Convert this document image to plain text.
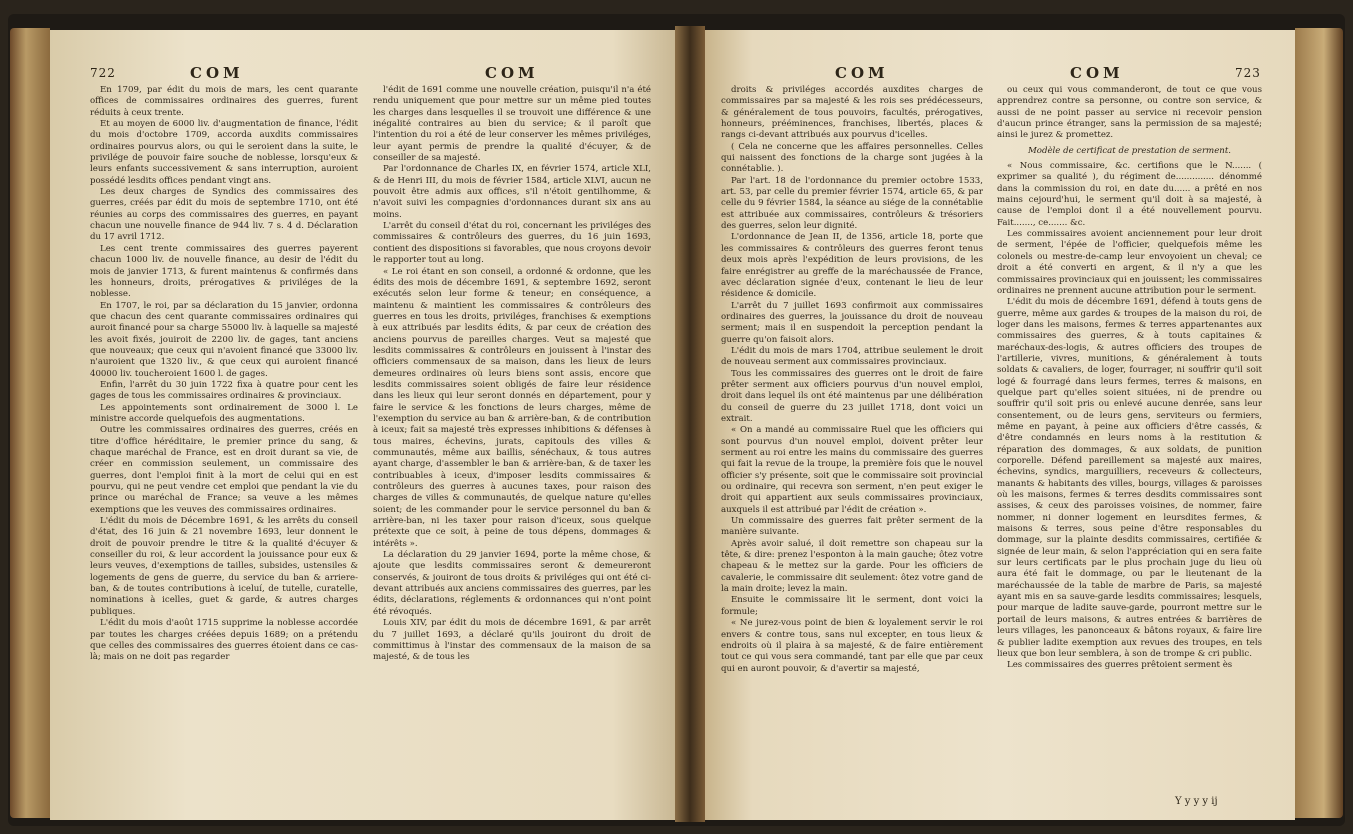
722	COM	COM

En 1709, par édit du mois de mars, les cent quarante offices de commissaires ordinaires des guerres, furent réduits à ceux trente.

Et au moyen de 6000 liv. d'augmentation de finance, l'édit du mois d'octobre 1709, accorda auxdits commissaires ordinaires pourvus alors, ou qui le seroient dans la suite, le privilége de pouvoir faire souche de noblesse, lorsqu'eux & leurs enfants successivement & sans interruption, auroient possédé lesdits offices pendant vingt ans.

Les deux charges de Syndics des commissaires des guerres, créés par édit du mois de septembre 1710, ont été réunies au corps des commissaires des guerres, en payant chacun une nouvelle finance de 944 liv. 7 s. 4 d. Déclaration du 17 avril 1712.

Les cent trente commissaires des guerres payerent chacun 1000 liv. de nouvelle finance, au desir de l'édit du mois de janvier 1713, & furent maintenus & confirmés dans les honneurs, droits, prérogatives & priviléges de la noblesse.

En 1707, le roi, par sa déclaration du 15 janvier, ordonna que chacun des cent quarante commissaires ordinaires qui auroit financé pour sa charge 55000 liv. à laquelle sa majesté les avoit fixés, jouiroit de 2200 liv. de gages, tant anciens que nouveaux; que ceux qui n'avoient financé que 33000 liv. n'auroient que 1320 liv., & que ceux qui auroient financé 40000 liv. toucheroient 1600 l. de gages.

Enfin, l'arrêt du 30 juin 1722 fixa à quatre pour cent les gages de tous les commissaires ordinaires & provinciaux.

Les appointements sont ordinairement de 3000 l. Le ministre accorde quelquefois des augmentations.

Outre les commissaires ordinaires des guerres, créés en titre d'office héréditaire, le premier prince du sang, & chaque maréchal de France, est en droit durant sa vie, de créer en commission seulement, un commissaire des guerres, dont l'emploi finit à la mort de celui qui en est pourvu, qui ne peut vendre cet emploi que pendant la vie du prince ou maréchal de France; sa veuve a les mêmes exemptions que les veuves des commissaires ordinaires.

L'édit du mois de Décembre 1691, & les arrêts du conseil d'état, des 16 juin & 21 novembre 1693, leur donnent le droit de pouvoir prendre le titre & la qualité d'écuyer & conseiller du roi, & leur accordent la jouissance pour eux & leurs veuves, d'exemptions de tailles, subsides, ustensiles & logements de gens de guerre, du service du ban & arriere-ban, & de toutes contributions à iceluí, de tutelle, curatelle, nominations à icelles, guet & garde, & autres charges publiques.

L'édit du mois d'août 1715 supprime la noblesse accordée par toutes les charges créées depuis 1689; on a prétendu que celles des commissaires des guerres étoient dans ce cas-là; mais on ne doit pas regarder

l'édit de 1691 comme une nouvelle création, puisqu'il n'a été rendu uniquement que pour mettre sur un même pied toutes les charges dans lesquelles il se trouvoit une différence & une inégalité contraires au bien du service; & il paroît que l'intention du roi a été de leur conserver les mêmes priviléges, leur ayant permis de prendre la qualité d'écuyer, & de conseiller de sa majesté.

Par l'ordonnance de Charles IX, en février 1574, article XLI, & de Henri III, du mois de février 1584, article XLVI, aucun ne pouvoit être admis aux offices, s'il n'étoit gentilhomme, & n'avoit suivi les compagnies d'ordonnances durant six ans au moins.

L'arrêt du conseil d'état du roi, concernant les priviléges des commissaires & contrôleurs des guerres, du 16 juin 1693, contient des dispositions si favorables, que nous croyons devoir le rapporter tout au long.

« Le roi étant en son conseil, a ordonné & ordonne, que les édits des mois de décembre 1691, & septembre 1692, seront exécutés selon leur forme & teneur; en conséquence, a maintenu & maintient les commissaires & contrôleurs des guerres en tous les droits, priviléges, franchises & exemptions à eux attribués par lesdits édits, & par ceux de création des anciens pourvus de pareilles charges. Veut sa majesté que lesdits commissaires & contrôleurs en jouissent à l'instar des officiers commensaux de sa maison, dans les lieux de leurs demeures ordinaires où leurs biens sont assis, encore que lesdits commissaires soient obligés de faire leur résidence dans les lieux qui leur seront donnés en département, pour y faire le service & les fonctions de leurs charges, même de l'exemption du service au ban & arrière-ban, & de contribution à iceux; fait sa majesté très expresses inhibitions & défenses à tous maires, échevins, jurats, capitouls des villes & communautés, même aux baillis, sénéchaux, & tous autres ayant charge, d'assembler le ban & arrière-ban, & de taxer les contribuables à iceux, d'imposer lesdits commissaires & contrôleurs des guerres à aucunes taxes, pour raison des charges de villes & communautés, de quelque nature qu'elles soient; de les commander pour le service personnel du ban & arrière-ban, ni les taxer pour raison d'iceux, sous quelque prétexte que ce soit, à peine de tous dépens, dommages & intérêts ».

La déclaration du 29 janvier 1694, porte la même chose, & ajoute que lesdits commissaires seront & demeureront conservés, & jouiront de tous droits & priviléges qui ont été ci-devant attribués aux anciens commissaires des guerres, par les édits, déclarations, réglements & ordonnances qui n'ont point été révoqués.

Louis XIV, par édit du mois de décembre 1691, & par arrêt du 7 juillet 1693, a déclaré qu'ils jouiront du droit de committimus à l'instar des commensaux de la maison de sa majesté, & de tous les

COM	COM	723

droits & priviléges accordés auxdites charges de commissaires par sa majesté & les rois ses prédécesseurs, & généralement de tous pouvoirs, facultés, prérogatives, honneurs, prééminences, franchises, libertés, places & rangs ci-devant attribués aux pourvus d'icelles.

( Cela ne concerne que les affaires personnelles. Celles qui naissent des fonctions de la charge sont jugées à la connétablie. ).

Par l'art. 18 de l'ordonnance du premier octobre 1533, art. 53, par celle du premier février 1574, article 65, & par celle du 9 février 1584, la séance au siége de la connétablie est attribuée aux commissaires, contrôleurs & trésoriers des guerres, selon leur dignité.

L'ordonnance de Jean II, de 1356, article 18, porte que les commissaires & contrôleurs des guerres feront tenus deux mois après l'expédition de leurs provisions, de les faire enrégistrer au greffe de la maréchaussée de France, avec déclaration signée d'eux, contenant le lieu de leur résidence & domicile.

L'arrêt du 7 juillet 1693 confirmoit aux commissaires ordinaires des guerres, la jouissance du droit de nouveau serment; mais il en suspendoit la perception pendant la guerre qu'on faisoit alors.

L'édit du mois de mars 1704, attribue seulement le droit de nouveau serment aux commissaires provinciaux.

Tous les commissaires des guerres ont le droit de faire prêter serment aux officiers pourvus d'un nouvel emploi, droit dans lequel ils ont été maintenus par une délibération du conseil de guerre du 23 juillet 1718, dont voici un extrait.

« On a mandé au commissaire Ruel que les officiers qui sont pourvus d'un nouvel emploi, doivent prêter leur serment au roi entre les mains du commissaire des guerres qui fait la revue de la troupe, la première fois que le nouvel officier s'y présente, soit que le commissaire soit provincial ou ordinaire, qui recevra son serment, n'en peut exiger le droit qui appartient aux seuls commissaires provinciaux, auxquels il est attribué par l'édit de création ».

Un commissaire des guerres fait prêter serment de la manière suivante.

Après avoir salué, il doit remettre son chapeau sur la tête, & dire: prenez l'esponton à la main gauche; ôtez votre chapeau & le mettez sur la garde. Pour les officiers de cavalerie, le commissaire dit seulement: ôtez votre gand de la main droite; levez la main.

Ensuite le commissaire lit le serment, dont voici la formule;

« Ne jurez-vous point de bien & loyalement servir le roi envers & contre tous, sans nul excepter, en tous lieux & endroits où il plaira à sa majesté, & de faire entièrement tout ce qui vous sera commandé, tant par elle que par ceux qui en auront pouvoir, & d'avertir sa majesté,

ou ceux qui vous commanderont, de tout ce que vous apprendrez contre sa personne, ou contre son service, & aussi de ne point passer au service ni recevoir pension d'aucun prince étranger, sans la permission de sa majesté; ainsi le jurez & promettez.

Modèle de certificat de prestation de serment.

« Nous commissaire, &c. certifions que le N....... ( exprimer sa qualité ), du régiment de.............. dénommé dans la commission du roi, en date du...... a prêté en nos mains cejourd'hui, le serment qu'il doit à sa majesté, à cause de l'emploi dont il a été nouvellement pourvu. Fait......., ce....... &c.

Les commissaires avoient anciennement pour leur droit de serment, l'épée de l'officier, quelquefois même les colonels ou mestre-de-camp leur envoyoient un cheval; ce droit a été converti en argent, & il n'y a que les commissaires provinciaux qui en jouissent; les commissaires ordinaires ne prennent aucune attribution pour le serment.

L'édit du mois de décembre 1691, défend à touts gens de guerre, même aux gardes & troupes de la maison du roi, de loger dans les maisons, fermes & terres appartenantes aux commissaires des guerres, & à touts capitaines & maréchaux-des-logis, & autres officiers des troupes de l'artillerie, vivres, munitions, & généralement à touts soldats & cavaliers, de loger, fourrager, ni souffrir qu'il soit logé & fourragé dans leurs fermes, terres & maisons, en quelque part qu'elles soient situées, ni de prendre ou souffrir qu'il soit pris ou enlevé aucune denrée, sans leur consentement, ou de leurs gens, serviteurs ou fermiers, même en payant, à peine aux officiers d'être cassés, & d'être condamnés en leurs noms à la restitution & réparation des dommages, & aux soldats, de punition corporelle. Défend pareillement sa majesté aux maires, échevins, syndics, marguilliers, receveurs & collecteurs, manants & habitants des villes, bourgs, villages & paroisses où les maisons, fermes & terres desdits commissaires sont assises, & ceux des paroisses voisines, de nommer, faire nommer, ni donner logement en leursdites fermes, & maisons & terres, sous peine d'être responsables du dommage, sur la plainte desdits commissaires, certifiée & signée de leur main, & selon l'appréciation qui en sera faite sur leurs certificats par le plus prochain juge du lieu où aura été fait le dommage, ou par le lieutenant de la maréchaussée de la table de marbre de Paris, sa majesté ayant mis en sa sauve-garde lesdits commissaires; lesquels, pour marque de ladite sauve-garde, pourront mettre sur le portail de leurs maisons, & autres entrées & barrières de leurs villages, les panonceaux & bâtons royaux, & faire lire & publier ladite exemption aux revues des troupes, en tels lieux que bon leur semblera, à son de trompe & cri public.

Les commissaires des guerres prêtoient serment ès

Y y y y ij
